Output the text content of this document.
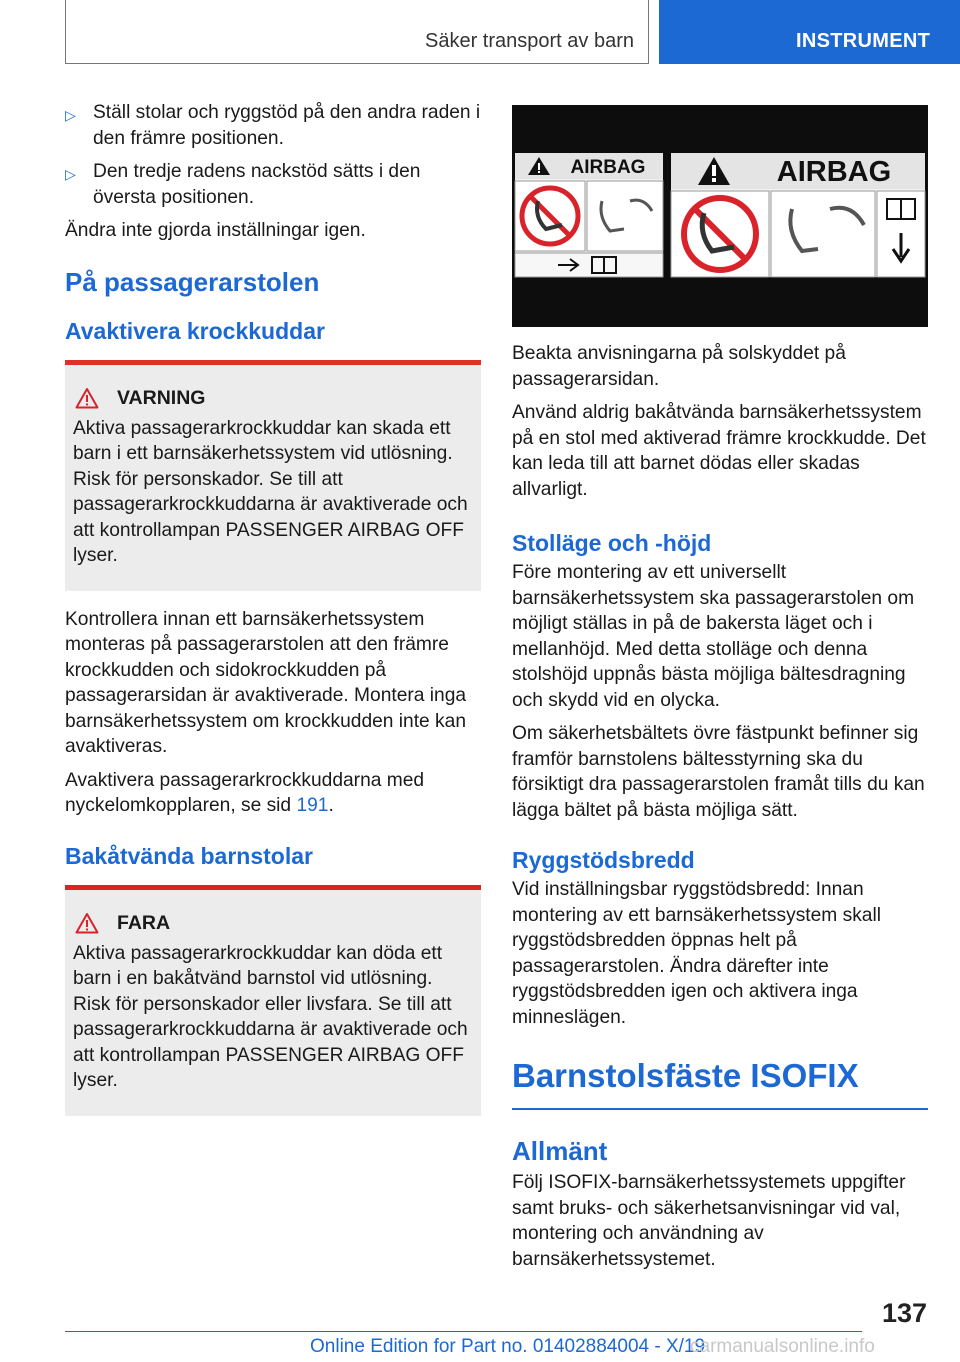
Säker transport av barn	INSTRUMENT
▷ Ställ stolar och ryggstöd på den andra raden i den främre positionen.
▷ Den tredje radens nackstöd sätts i den översta positionen.

Ändra inte gjorda inställningar igen.

På passagerarstolen
Avaktivera krockkuddar
VARNING

Aktiva passagerarkrockkuddar kan skada ett barn i ett barnsäkerhetssystem vid utlösning. Risk för personskador. Se till att passagerarkrockkuddarna är avaktiverade och att kontrollampan PASSENGER AIRBAG OFF lyser.

Kontrollera innan ett barnsäkerhetssystem monteras på passagerarstolen att den främre krockkudden och sidokrockkudden på passagerarsidan är avaktiverade. Montera inga barnsäkerhetssystem om krockkudden inte kan avaktiveras.

Avaktivera passagerarkrockkuddarna med nyckelomkopplaren, se sid 191.

Bakåtvända barnstolar
FARA

Aktiva passagerarkrockkuddar kan döda ett barn i en bakåtvänd barnstol vid utlösning. Risk för personskador eller livsfara. Se till att passagerarkrockkuddarna är avaktiverade och att kontrollampan PASSENGER AIRBAG OFF lyser.

AIRBAG	AIRBAG

Beakta anvisningarna på solskyddet på passagerarsidan.

Använd aldrig bakåtvända barnsäkerhetssystem på en stol med aktiverad främre krockkudde. Det kan leda till att barnet dödas eller skadas allvarligt.

Stolläge och -höjd

Före montering av ett universellt barnsäkerhetssystem ska passagerarstolen om möjligt ställas in på de bakersta läget och i mellanhöjd. Med detta stolläge och denna stolshöjd uppnås bästa möjliga bältesdragning och skydd vid en olycka.

Om säkerhetsbältets övre fästpunkt befinner sig framför barnstolens bältesstyrning ska du försiktigt dra passagerarstolen framåt tills du kan lägga bältet på bästa möjliga sätt.

Ryggstödsbredd

Vid inställningsbar ryggstödsbredd: Innan montering av ett barnsäkerhetssystem skall ryggstödsbredden öppnas helt på passagerarstolen. Ändra därefter inte ryggstödsbredden igen och aktivera inga minneslägen.

Barnstolsfäste ISOFIX
Allmänt

Följ ISOFIX-barnsäkerhetssystemets uppgifter samt bruks- och säkerhetsanvisningar vid val, montering och användning av barnsäkerhetssystemet.

137
Online Edition for Part no. 01402884004 - X/19
carmanualsonline.info
